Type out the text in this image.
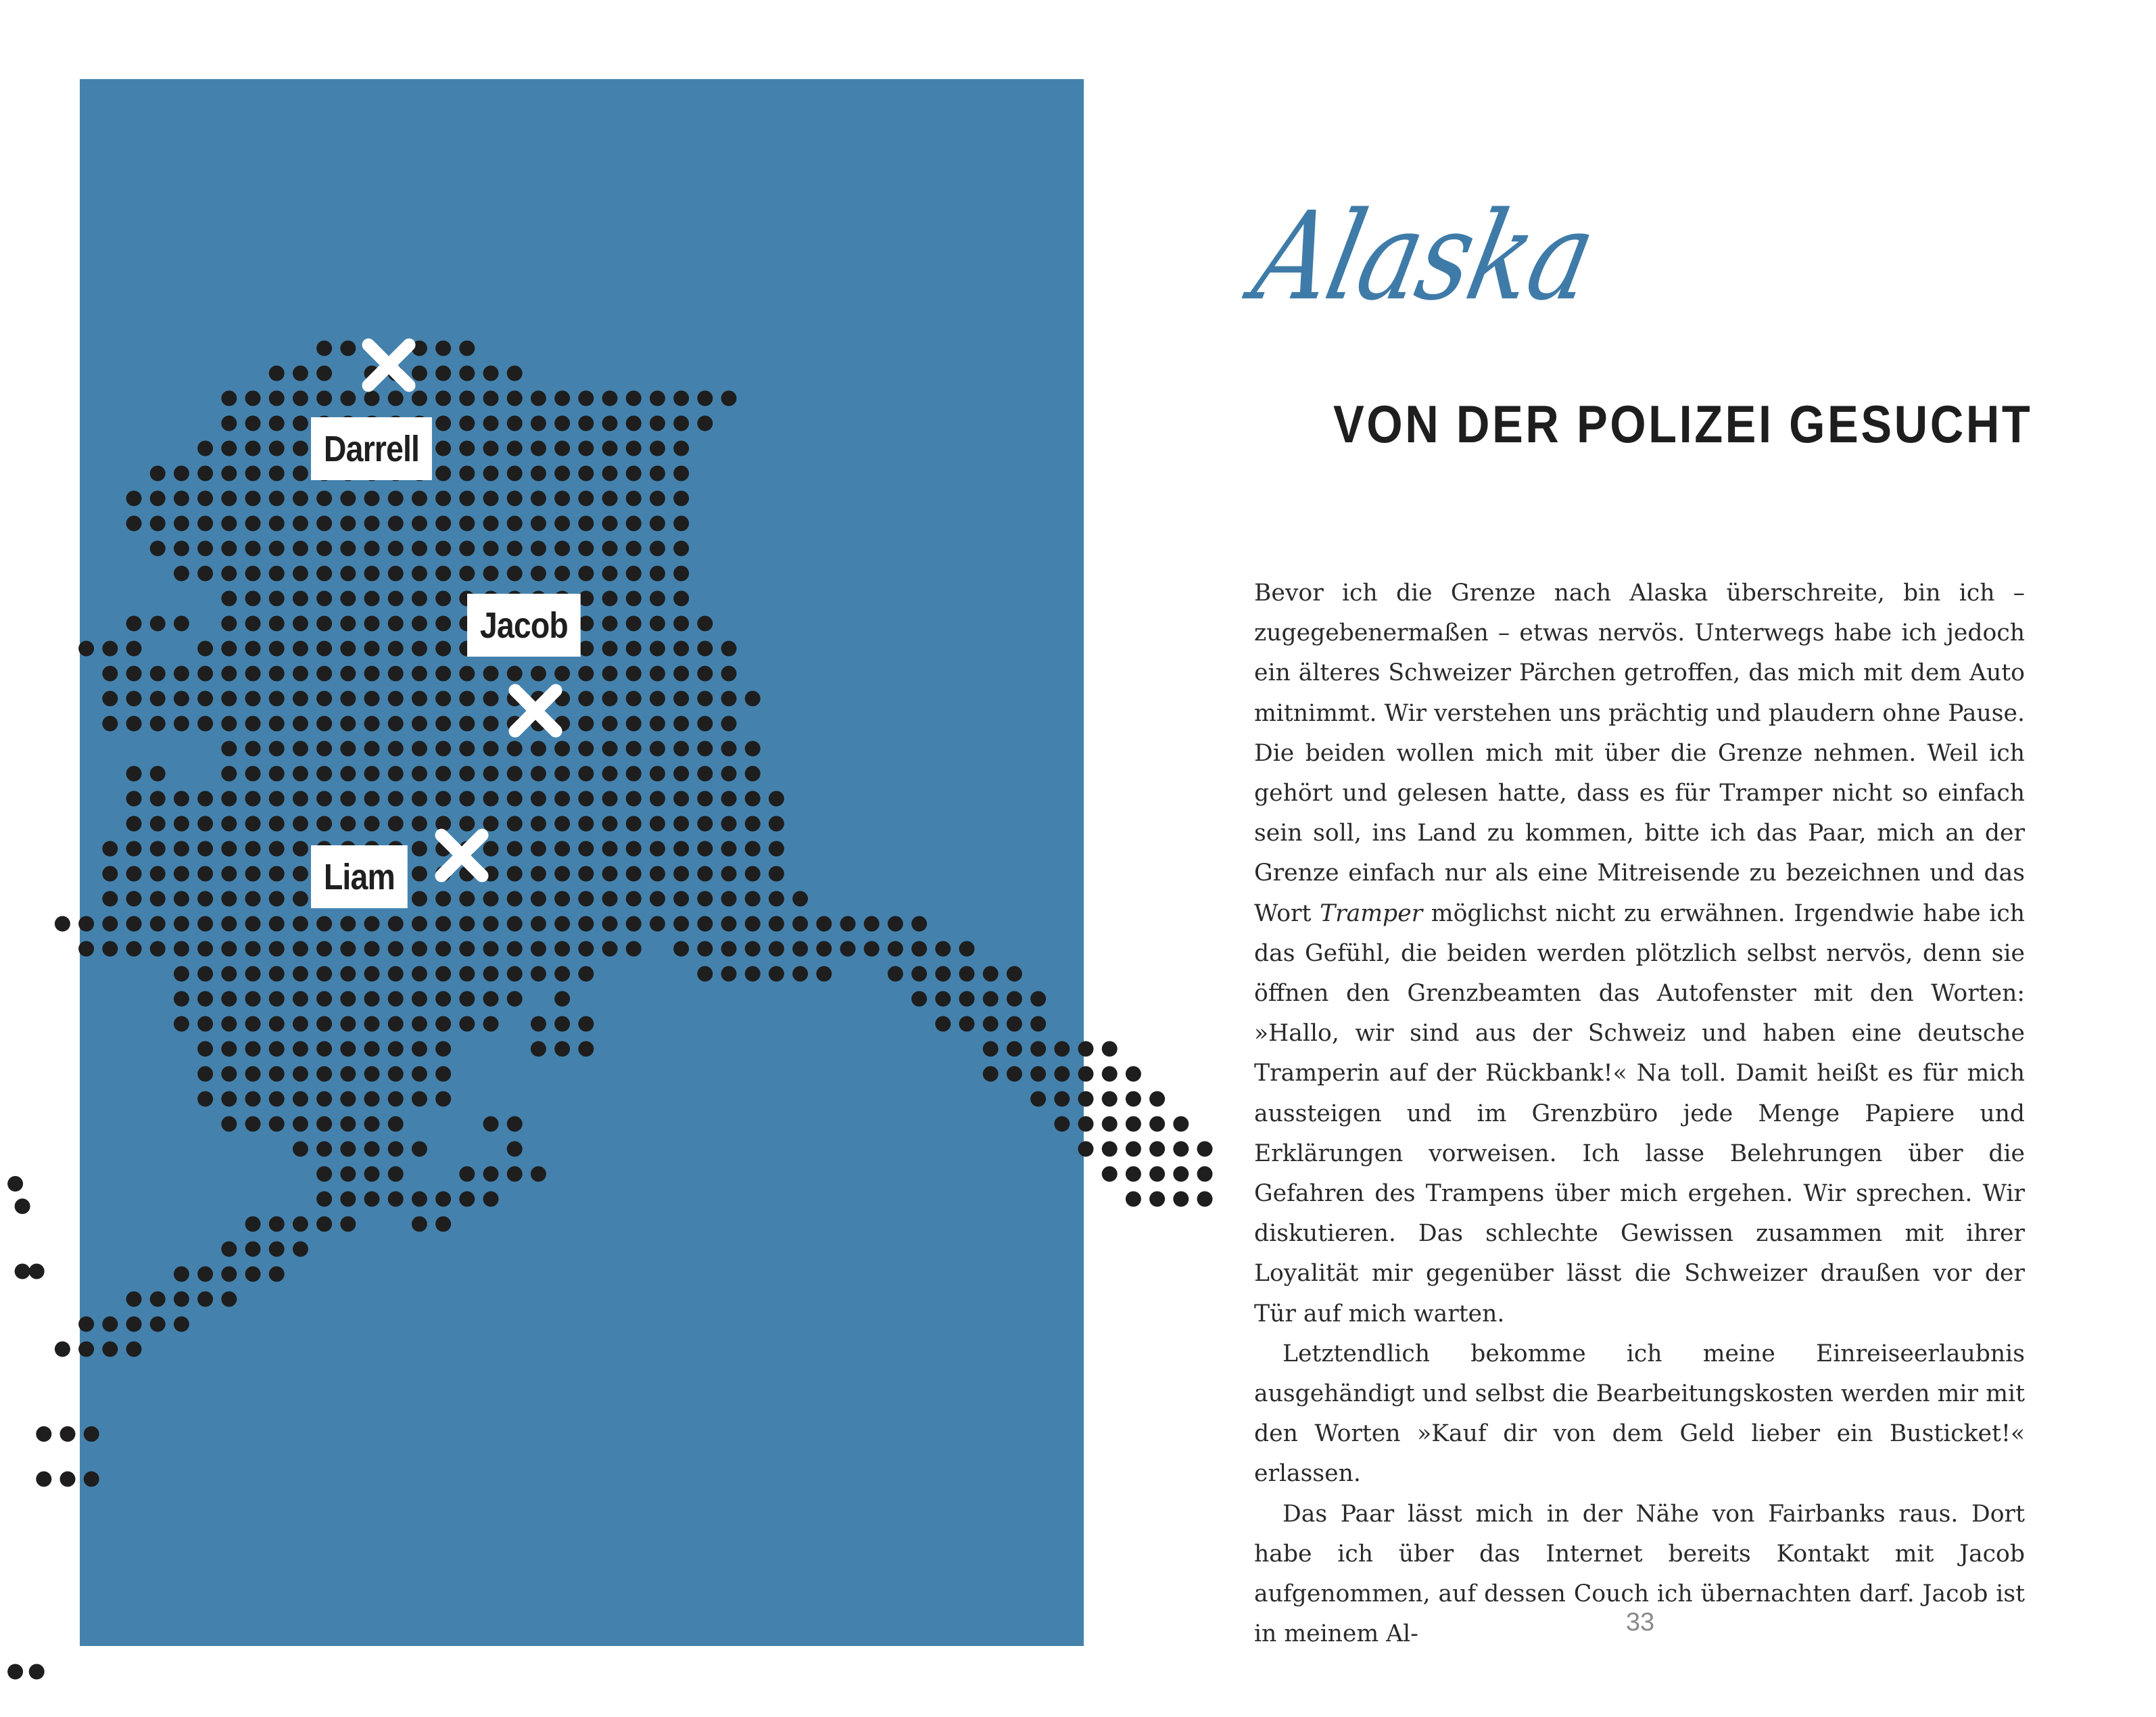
Darrell
Jacob
Liam
Alaska
VON DER POLIZEI GESUCHT

Bevor ich die Grenze nach Alaska überschreite, bin ich – zugegebenermaßen – etwas nervös. Unterwegs habe ich jedoch ein älteres Schweizer Pärchen getroffen, das mich mit dem Auto mitnimmt. Wir verstehen uns prächtig und plaudern ohne Pause. Die beiden wollen mich mit über die Grenze nehmen. Weil ich gehört und gelesen hatte, dass es für Tramper nicht so einfach sein soll, ins Land zu kommen, bitte ich das Paar, mich an der Grenze einfach nur als eine Mitreisende zu bezeichnen und das Wort Tramper möglichst nicht zu erwähnen. Irgendwie habe ich das Gefühl, die beiden werden plötzlich selbst nervös, denn sie öffnen den Grenzbeamten das Autofenster mit den Worten: »Hallo, wir sind aus der Schweiz und haben eine deutsche Tramperin auf der Rückbank!« Na toll. Damit heißt es für mich aussteigen und im Grenzbüro jede Menge Papiere und Erklärungen vorweisen. Ich lasse Belehrungen über die Gefahren des Trampens über mich ergehen. Wir sprechen. Wir diskutieren. Das schlechte Gewissen zusammen mit ihrer Loyalität mir gegenüber lässt die Schweizer draußen vor der Tür auf mich warten.

Letztendlich bekomme ich meine Einreiseerlaubnis ausgehändigt und selbst die Bearbeitungskosten werden mir mit den Worten »Kauf dir von dem Geld lieber ein Busticket!« erlassen.

Das Paar lässt mich in der Nähe von Fairbanks raus. Dort habe ich über das Internet bereits Kontakt mit Jacob aufgenommen, auf dessen Couch ich übernachten darf. Jacob ist in meinem Al-	33
